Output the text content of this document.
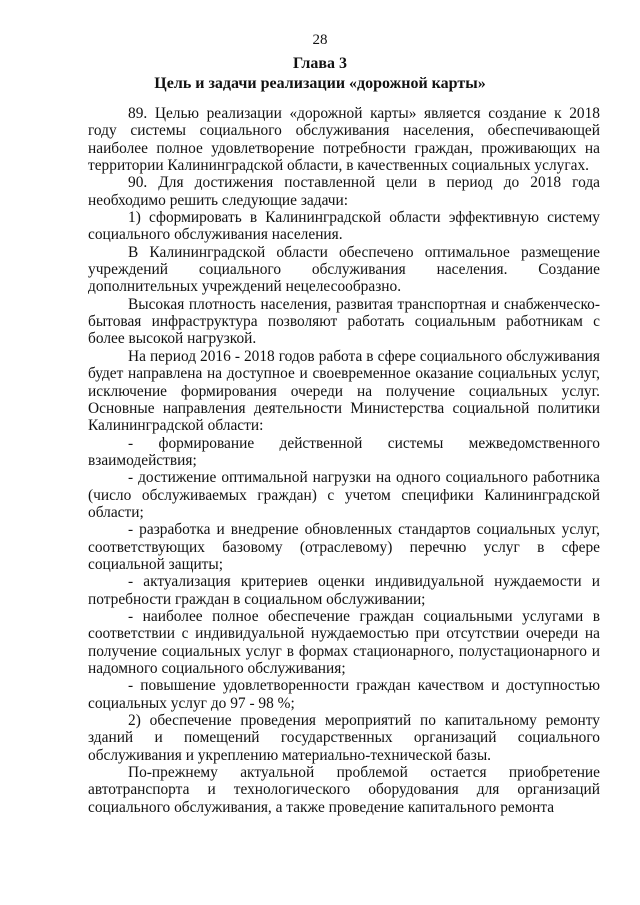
28
Глава 3
Цель и задачи реализации «дорожной карты»

89. Целью реализации «дорожной карты» является создание к 2018 году системы социального обслуживания населения, обеспечивающей наиболее полное удовлетворение потребности граждан, проживающих на территории Калининградской области, в качественных социальных услугах.

90. Для достижения поставленной цели в период до 2018 года необходимо решить следующие задачи:

1) сформировать в Калининградской области эффективную систему социального обслуживания населения.

В Калининградской области обеспечено оптимальное размещение учреждений социального обслуживания населения. Создание дополнительных учреждений нецелесообразно.

Высокая плотность населения, развитая транспортная и снабженческо-бытовая инфраструктура позволяют работать социальным работникам с более высокой нагрузкой.

На период 2016 - 2018 годов работа в сфере социального обслуживания будет направлена на доступное и своевременное оказание социальных услуг, исключение формирования очереди на получение социальных услуг. Основные направления деятельности Министерства социальной политики Калининградской области:

- формирование действенной системы межведомственного взаимодействия;

- достижение оптимальной нагрузки на одного социального работника (число обслуживаемых граждан) с учетом специфики Калининградской области;

- разработка и внедрение обновленных стандартов социальных услуг, соответствующих базовому (отраслевому) перечню услуг в сфере социальной защиты;

- актуализация критериев оценки индивидуальной нуждаемости и потребности граждан в социальном обслуживании;

- наиболее полное обеспечение граждан социальными услугами в соответствии с индивидуальной нуждаемостью при отсутствии очереди на получение социальных услуг в формах стационарного, полустационарного и надомного социального обслуживания;

- повышение удовлетворенности граждан качеством и доступностью социальных услуг до 97 - 98 %;

2) обеспечение проведения мероприятий по капитальному ремонту зданий и помещений государственных организаций социального обслуживания и укреплению материально-технической базы.

По-прежнему актуальной проблемой остается приобретение автотранспорта и технологического оборудования для организаций социального обслуживания, а также проведение капитального ремонта
